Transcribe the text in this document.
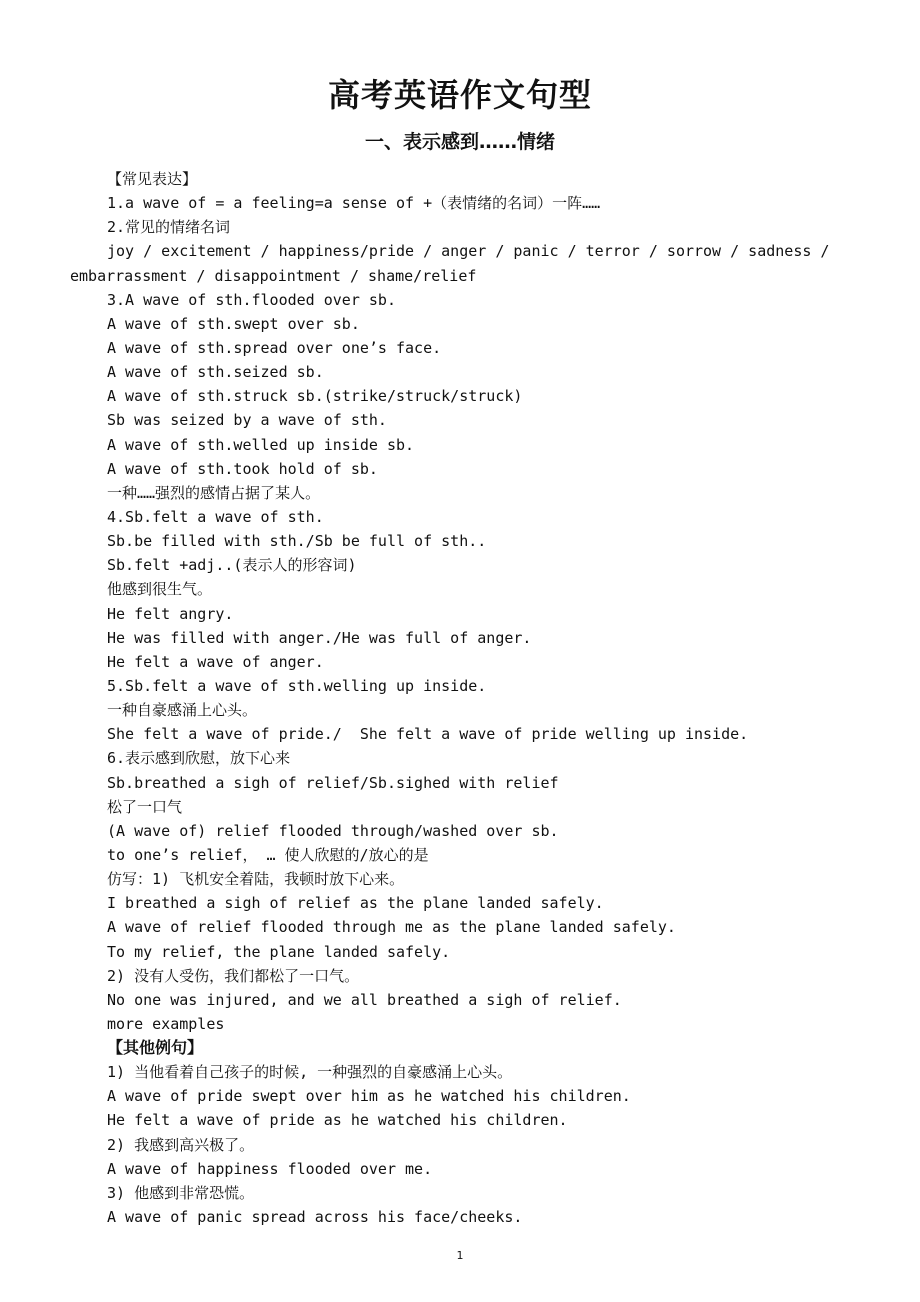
高考英语作文句型
一、表示感到……情绪
【常见表达】
1.a wave of = a feeling=a sense of +（表情绪的名词）一阵……
2.常见的情绪名词
joy / excitement / happiness/pride / anger / panic / terror / sorrow / sadness /
embarrassment / disappointment / shame/relief
3.A wave of sth.flooded over sb.
A wave of sth.swept over sb.
A wave of sth.spread over one’s face.
A wave of sth.seized sb.
A wave of sth.struck sb.(strike/struck/struck)
Sb was seized by a wave of sth.
A wave of sth.welled up inside sb.
A wave of sth.took hold of sb.
一种……强烈的感情占据了某人。
4.Sb.felt a wave of sth.
Sb.be filled with sth./Sb be full of sth..
Sb.felt +adj..(表示人的形容词)
他感到很生气。
He felt angry.
He was filled with anger./He was full of anger.
He felt a wave of anger.
5.Sb.felt a wave of sth.welling up inside.
一种自豪感涌上心头。
She felt a wave of pride./  She felt a wave of pride welling up inside.
6.表示感到欣慰，放下心来
Sb.breathed a sigh of relief/Sb.sighed with relief
松了一口气
(A wave of) relief flooded through/washed over sb.
to one’s relief， … 使人欣慰的/放心的是
仿写：1) 飞机安全着陆，我顿时放下心来。
I breathed a sigh of relief as the plane landed safely.
A wave of relief flooded through me as the plane landed safely.
To my relief, the plane landed safely.
2) 没有人受伤，我们都松了一口气。
No one was injured, and we all breathed a sigh of relief.
more examples
【其他例句】
1) 当他看着自己孩子的时候, 一种强烈的自豪感涌上心头。
A wave of pride swept over him as he watched his children.
He felt a wave of pride as he watched his children.
2) 我感到高兴极了。
A wave of happiness flooded over me.
3) 他感到非常恐慌。
A wave of panic spread across his face/cheeks.
1
